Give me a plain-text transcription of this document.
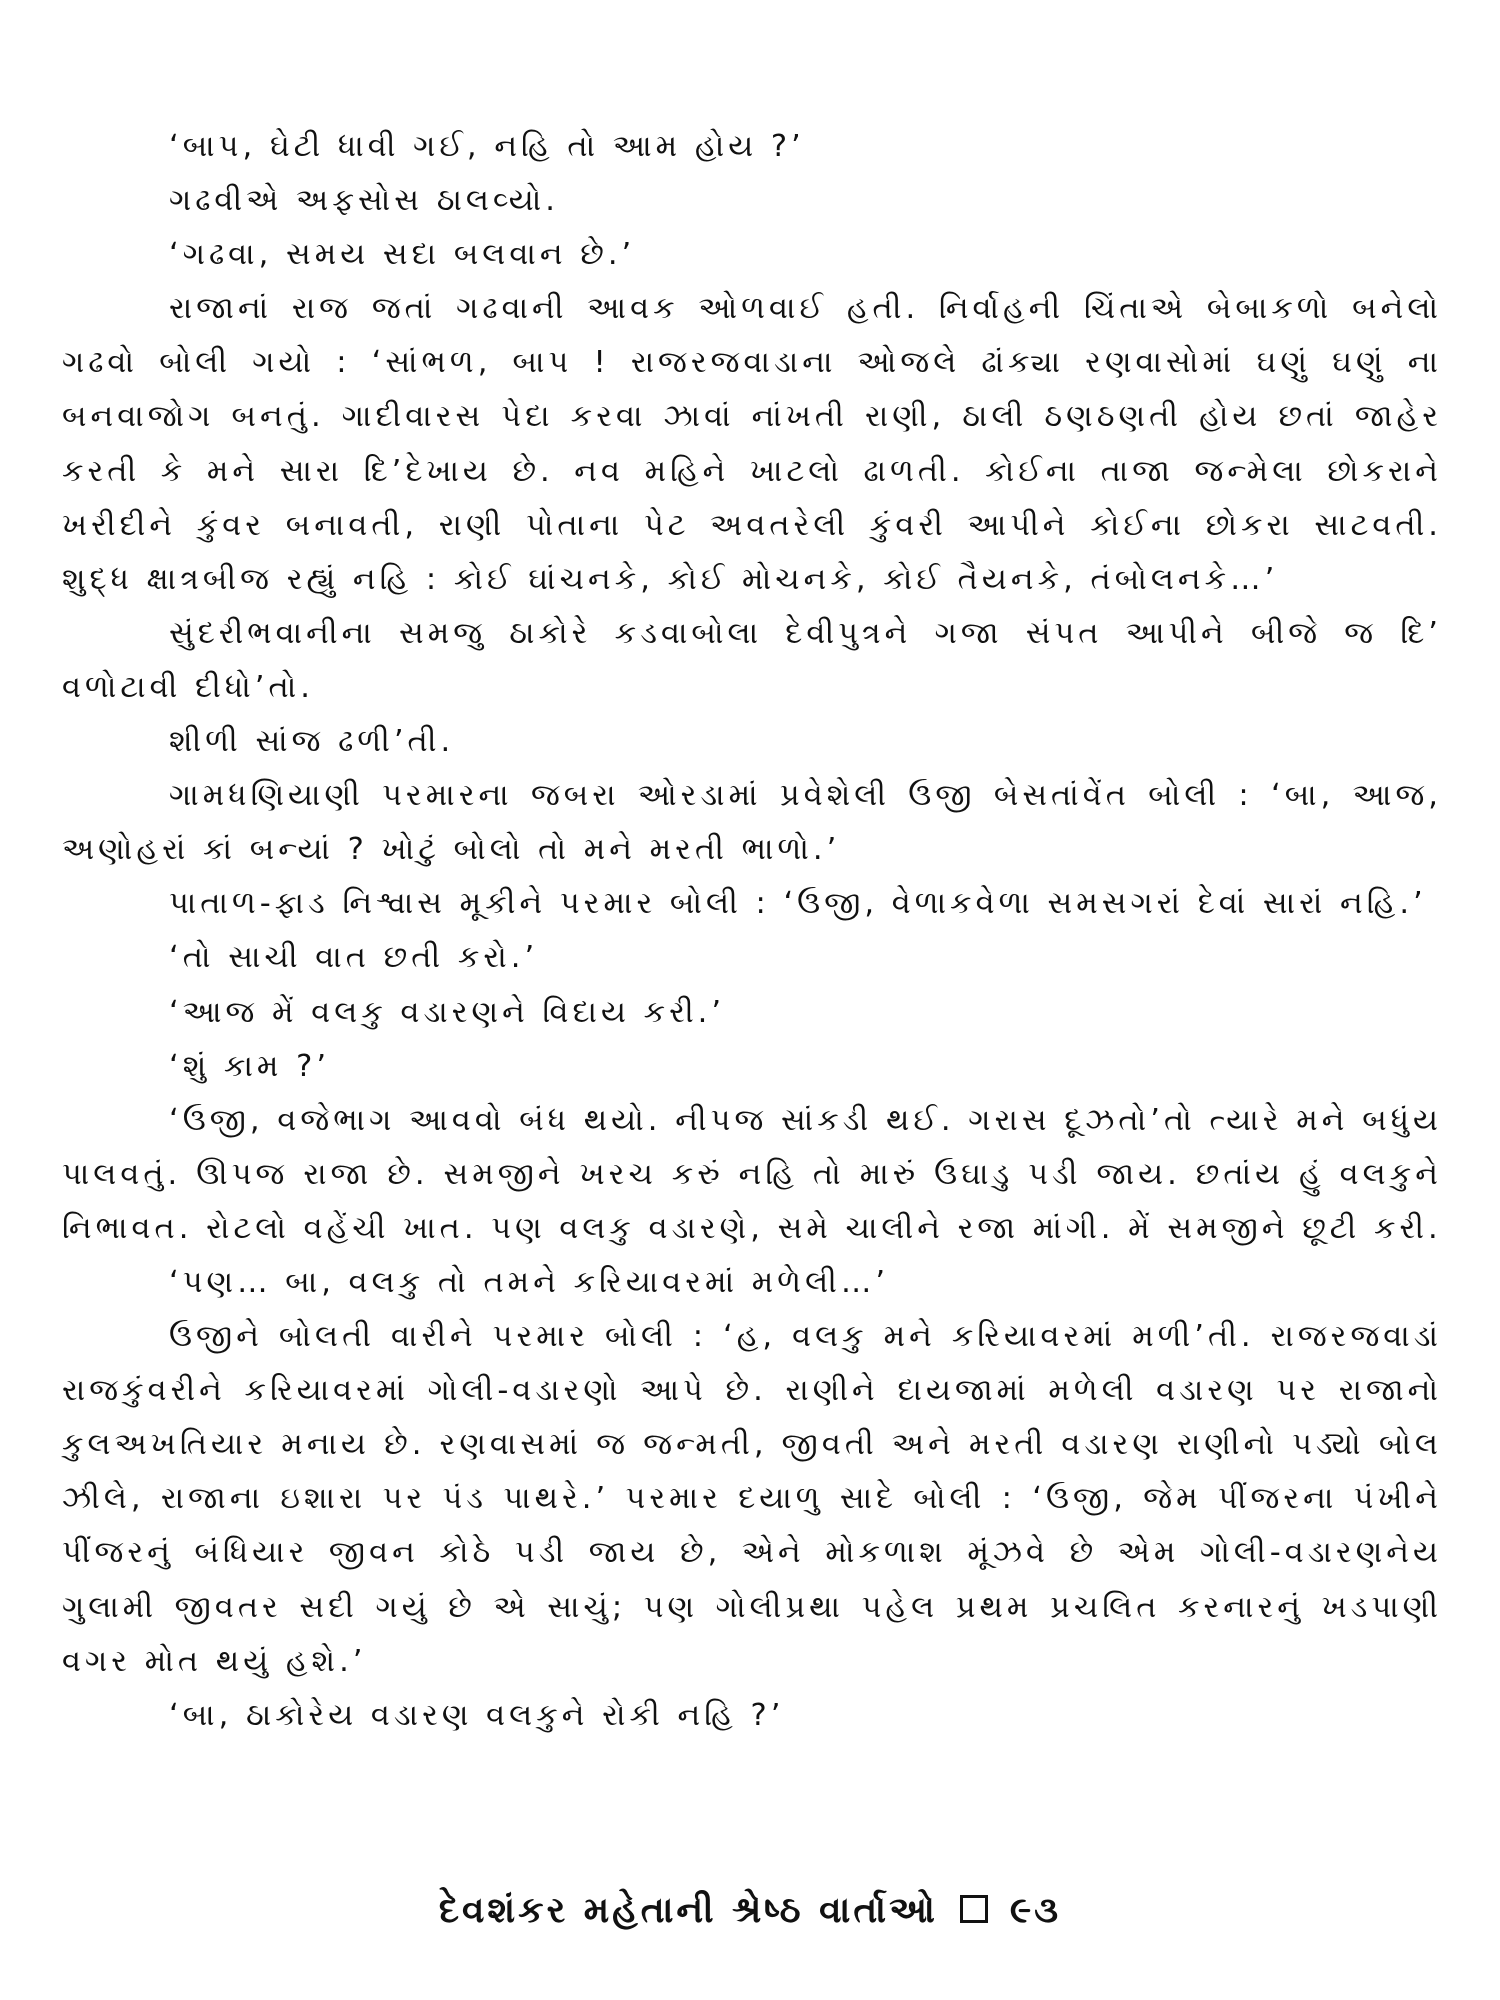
‘બાપ, ઘેટી ધાવી ગઈ, નહિ તો આમ હોય ?’

ગઢવીએ અફસોસ ઠાલવ્યો.

‘ગઢવા, સમય સદા બલવાન છે.’

રાજાનાં રાજ જતાં ગઢવાની આવક ઓળવાઈ હતી. નિર્વાહની ચિંતાએ બેબાકળો બનેલો ગઢવો બોલી ગયો : ‘સાંભળ, બાપ ! રાજરજવાડાના ઓજલે ઢાંક્યા રણવાસોમાં ઘણું ઘણું ના બનવાજોગ બનતું. ગાદીવારસ પેદા કરવા ઝાવાં નાંખતી રાણી, ઠાલી ઠણઠણતી હોય છતાં જાહેર કરતી કે મને સારા દિ’દેખાય છે. નવ મહિને ખાટલો ઢાળતી. કોઈના તાજા જન્મેલા છોકરાને ખરીદીને કુંવર બનાવતી, રાણી પોતાના પેટ અવતરેલી કુંવરી આપીને કોઈના છોકરા સાટવતી. શુદ્ધ ક્ષાત્રબીજ રહ્યું નહિ : કોઈ ઘાંચનકે, કોઈ મોચનકે, કોઈ તૈયનકે, તંબોલનકે…’

સુંદરીભવાનીના સમજુ ઠાકોરે કડવાબોલા દેવીપુત્રને ગજા સંપત આપીને બીજે જ દિ’ વળોટાવી દીધો’તો.

શીળી સાંજ ઢળી’તી.

ગામધણિયાણી પરમારના જબરા ઓરડામાં પ્રવેશેલી ઉજી બેસતાંવેંત બોલી : ‘બા, આજ, અણોહરાં કાં બન્યાં ? ખોટું બોલો તો મને મરતી ભાળો.’

પાતાળ-ફાડ નિશ્વાસ મૂકીને પરમાર બોલી : ‘ઉજી, વેળાકવેળા સમસગરાં દેવાં સારાં નહિ.’

‘તો સાચી વાત છતી કરો.’

‘આજ મેં વલકુ વડારણને વિદાય કરી.’

‘શું કામ ?’

‘ઉજી, વજેભાગ આવવો બંધ થયો. નીપજ સાંકડી થઈ. ગરાસ દૂઝતો’તો ત્યારે મને બધુંય પાલવતું. ઊપજ રાજા છે. સમજીને ખરચ કરું નહિ તો મારું ઉઘાડુ પડી જાય. છતાંય હું વલકુને નિભાવત. રોટલો વહેંચી ખાત. પણ વલકુ વડારણે, સમે ચાલીને રજા માંગી. મેં સમજીને છૂટી કરી.

‘પણ… બા, વલકુ તો તમને કરિયાવરમાં મળેલી…’

ઉજીને બોલતી વારીને પરમાર બોલી : ‘હ, વલકુ મને કરિયાવરમાં મળી’તી. રાજરજવાડાં રાજકુંવરીને કરિયાવરમાં ગોલી-વડારણો આપે છે. રાણીને દાયજામાં મળેલી વડારણ પર રાજાનો કુલઅખતિયાર મનાય છે. રણવાસમાં જ જન્મતી, જીવતી અને મરતી વડારણ રાણીનો પડ્યો બોલ ઝીલે, રાજાના ઇશારા પર પંડ પાથરે.’ પરમાર દયાળુ સાદે બોલી : ‘ઉજી, જેમ પીંજરના પંખીને પીંજરનું બંધિયાર જીવન કોઠે પડી જાય છે, એને મોકળાશ મૂંઝવે છે એમ ગોલી-વડારણનેય ગુલામી જીવતર સદી ગયું છે એ સાચું; પણ ગોલીપ્રથા પહેલ પ્રથમ પ્રચલિત કરનારનું ખડપાણી વગર મોત થયું હશે.’

‘બા, ઠાકોરેય વડારણ વલકુને રોકી નહિ ?’

દેવશંકર મહેતાની શ્રેષ્ઠ વાર્તાઓ ૯૩
